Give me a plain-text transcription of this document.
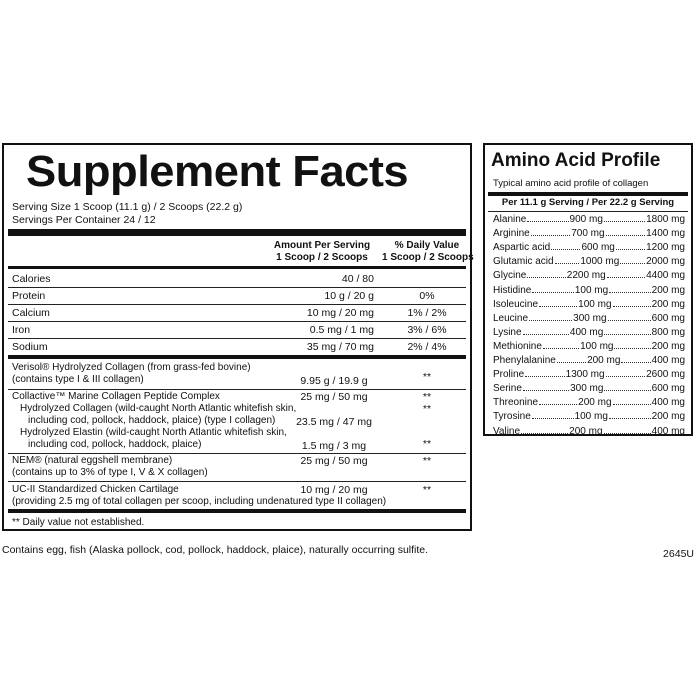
Supplement Facts
Serving Size 1 Scoop (11.1 g) / 2 Scoops (22.2 g)
Servings Per Container 24 / 12
Amount Per Serving
1 Scoop / 2 Scoops
% Daily Value
1 Scoop / 2 Scoops
Calories	40 / 80
Protein	10 g / 20 g	0%
Calcium	10 mg / 20 mg	1% / 2%
Iron	0.5 mg / 1 mg	3% / 6%
Sodium	35 mg / 70 mg	2% / 4%
Verisol® Hydrolyzed Collagen (from grass-fed bovine)
(contains type I & III collagen)	9.95 g / 19.9 g	**
Collactive™ Marine Collagen Peptide Complex	25 mg / 50 mg	**
Hydrolyzed Collagen (wild-caught North Atlantic whitefish skin,
including cod, pollock, haddock, plaice) (type I collagen)	23.5 mg / 47 mg
**
Hydrolyzed Elastin (wild-caught North Atlantic whitefish skin,
including cod, pollock, haddock, plaice)	1.5 mg / 3 mg	**
NEM® (natural eggshell membrane)
(contains up to 3% of type I, V & X collagen)
25 mg / 50 mg	**
UC-II Standardized Chicken Cartilage
(providing 2.5 mg of total collagen per scoop, including undenatured type II collagen)
10 mg / 20 mg	**
** Daily value not established.
Amino Acid Profile
Typical amino acid profile of collagen
Per 11.1 g Serving / Per 22.2 g Serving
Alanine	900 mg	1800 mg
Arginine	700 mg	1400 mg
Aspartic acid	600 mg	1200 mg
Glutamic acid	1000 mg	2000 mg
Glycine	2200 mg	4400 mg
Histidine	100 mg	200 mg
Isoleucine	100 mg	200 mg
Leucine	300 mg	600 mg
Lysine	400 mg	800 mg
Methionine	100 mg	200 mg
Phenylalanine	200 mg	400 mg
Proline	1300 mg	2600 mg
Serine	300 mg	600 mg
Threonine	200 mg	400 mg
Tyrosine	100 mg	200 mg
Valine	200 mg	400 mg
Contains egg, fish (Alaska pollock, cod, pollock, haddock, plaice), naturally occurring sulfite.	2645U
